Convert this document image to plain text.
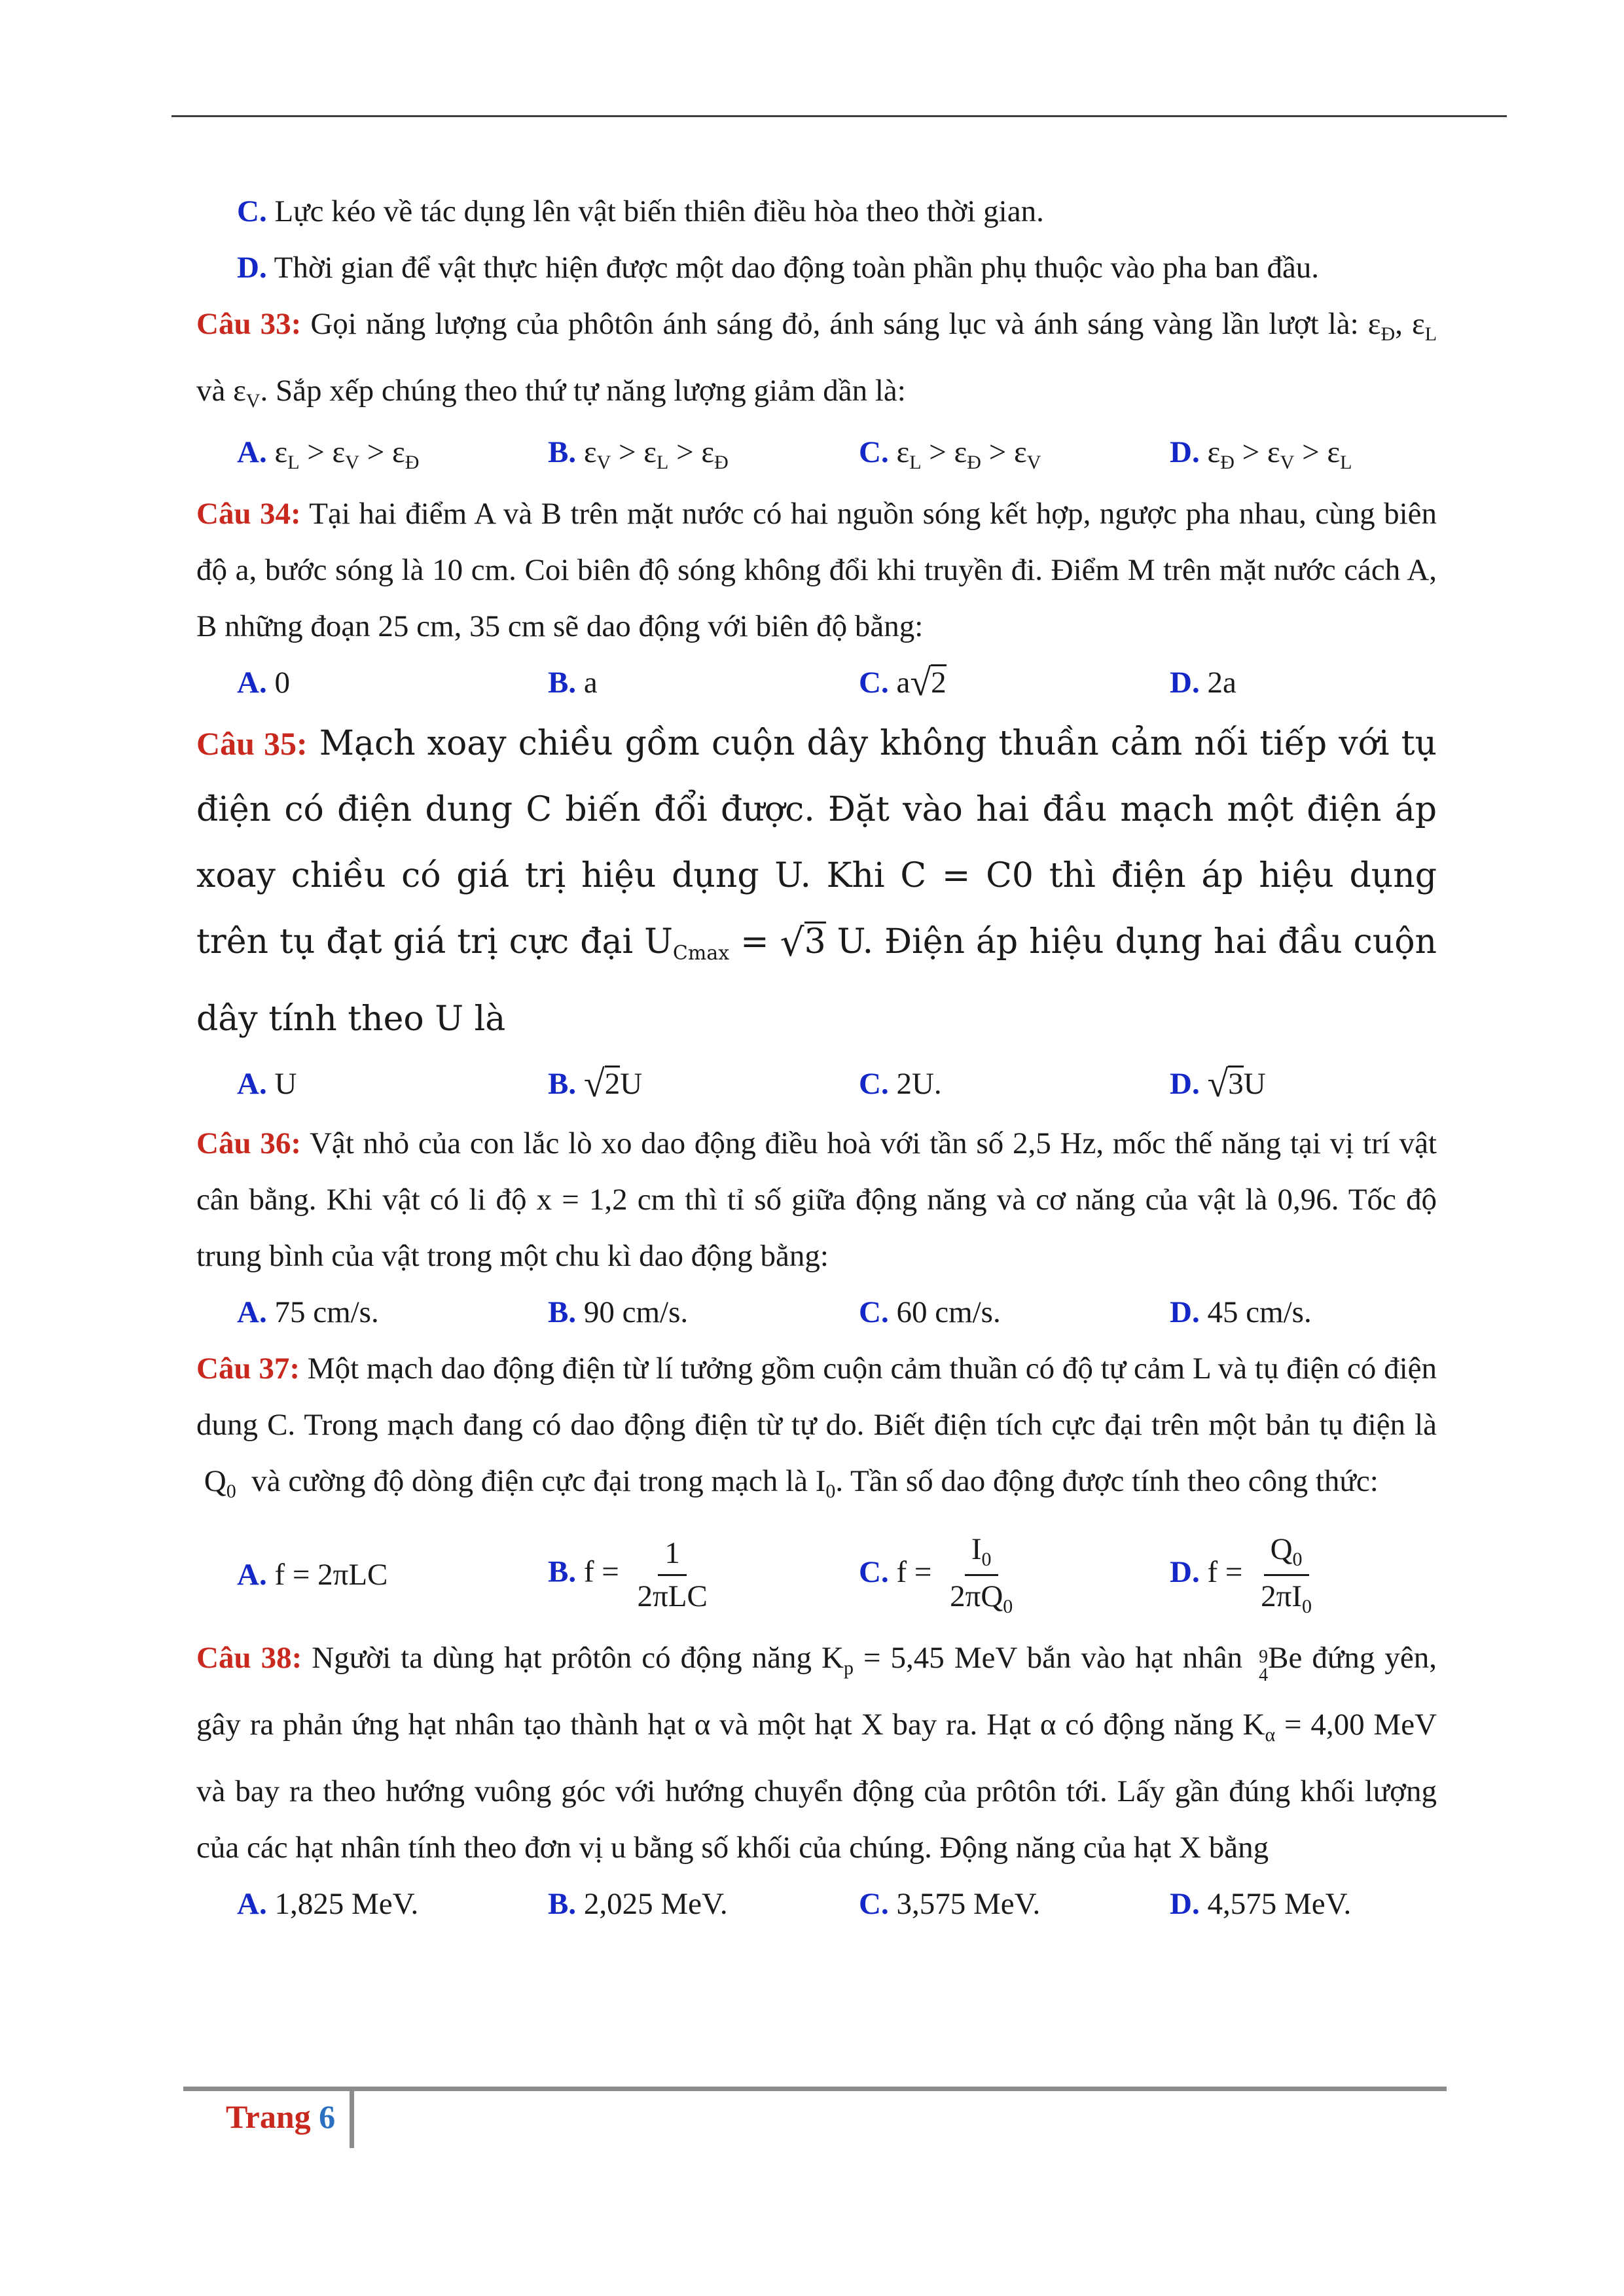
C. Lực kéo về tác dụng lên vật biến thiên điều hòa theo thời gian.

D. Thời gian để vật thực hiện được một dao động toàn phần phụ thuộc vào pha ban đầu.

Câu 33: Gọi năng lượng của phôtôn ánh sáng đỏ, ánh sáng lục và ánh sáng vàng lần lượt là: $\varepsilon_Đ$, $\varepsilon_L$ và $\varepsilon_V$. Sắp xếp chúng theo thứ tự năng lượng giảm dần là:

A. $\varepsilon_L > \varepsilon_V > \varepsilon_Đ$	B. $\varepsilon_V > \varepsilon_L > \varepsilon_Đ$	C. $\varepsilon_L > \varepsilon_Đ > \varepsilon_V$	D. $\varepsilon_Đ > \varepsilon_V > \varepsilon_L$

Câu 34: Tại hai điểm A và B trên mặt nước có hai nguồn sóng kết hợp, ngược pha nhau, cùng biên độ a, bước sóng là 10 cm. Coi biên độ sóng không đổi khi truyền đi. Điểm M trên mặt nước cách A, B những đoạn 25 cm, 35 cm sẽ dao động với biên độ bằng:

A. 0	B. a	C. a√2	D. 2a

Câu 35: Mạch xoay chiều gồm cuộn dây không thuần cảm nối tiếp với tụ điện có điện dung C biến đổi được. Đặt vào hai đầu mạch một điện áp xoay chiều có giá trị hiệu dụng U. Khi C = C0 thì điện áp hiệu dụng trên tụ đạt giá trị cực đại $U_{Cmax} = √3$ U. Điện áp hiệu dụng hai đầu cuộn dây tính theo U là

A. U	B. √2U	C. 2U.	D. √3U

Câu 36: Vật nhỏ của con lắc lò xo dao động điều hoà với tần số 2,5 Hz, mốc thế năng tại vị trí vật cân bằng. Khi vật có li độ x = 1,2 cm thì tỉ số giữa động năng và cơ năng của vật là 0,96. Tốc độ trung bình của vật trong một chu kì dao động bằng:

A. 75 cm/s.	B. 90 cm/s.	C. 60 cm/s.	D. 45 cm/s.

Câu 37: Một mạch dao động điện từ lí tưởng gồm cuộn cảm thuần có độ tự cảm L và tụ điện có điện dung C. Trong mạch đang có dao động điện từ tự do. Biết điện tích cực đại trên một bản tụ điện là  $Q_0$ và cường độ dòng điện cực đại trong mạch là $I_0$. Tần số dao động được tính theo công thức:

A. f = 2πLC	B. $f = \frac{1}{\text{2πLC}}$	C. $f = \frac{I_0}{2\pi Q_0}$	D. $f = \frac{Q_0}{2\pi I_0}$

Câu 38: Người ta dùng hạt prôtôn có động năng $K_p = 5,45$ MeV bắn vào hạt nhân 9
4
Be đứng yên, gây ra phản ứng hạt nhân tạo thành hạt α và một hạt X bay ra. Hạt α có động năng $K_\alpha = 4,00$ MeV và bay ra theo hướng vuông góc với hướng chuyển động của prôtôn tới. Lấy gần đúng khối lượng của các hạt nhân tính theo đơn vị u bằng số khối của chúng. Động năng của hạt X bằng

A. 1,825 MeV.	B. 2,025 MeV.	C. 3,575 MeV.	D. 4,575 MeV.
Trang 6
